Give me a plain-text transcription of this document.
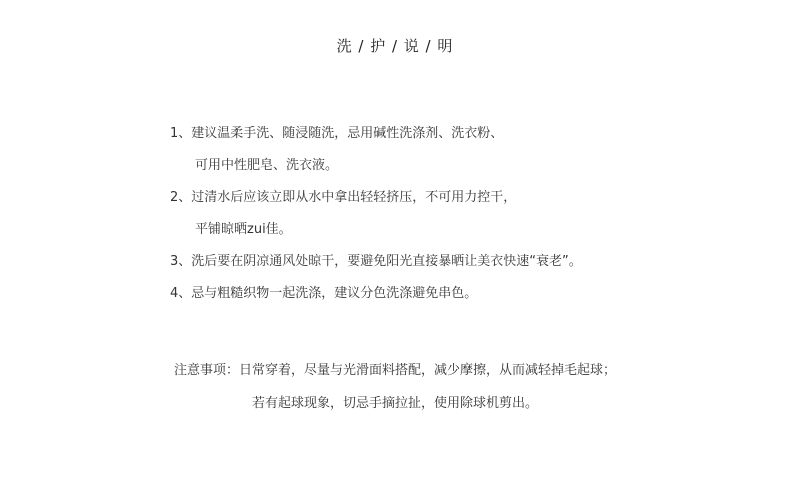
洗 / 护 / 说 / 明
1、建议温柔手洗、随浸随洗，忌用碱性洗涤剂、洗衣粉、
可用中性肥皂、洗衣液。
2、过清水后应该立即从水中拿出轻轻挤压，不可用力控干，
平铺晾晒zui佳。
3、洗后要在阴凉通风处晾干，要避免阳光直接暴晒让美衣快速“衰老”。
4、忌与粗糙织物一起洗涤，建议分色洗涤避免串色。
注意事项：日常穿着，尽量与光滑面料搭配，减少摩擦，从而减轻掉毛起球；
若有起球现象，切忌手摘拉扯，使用除球机剪出。
